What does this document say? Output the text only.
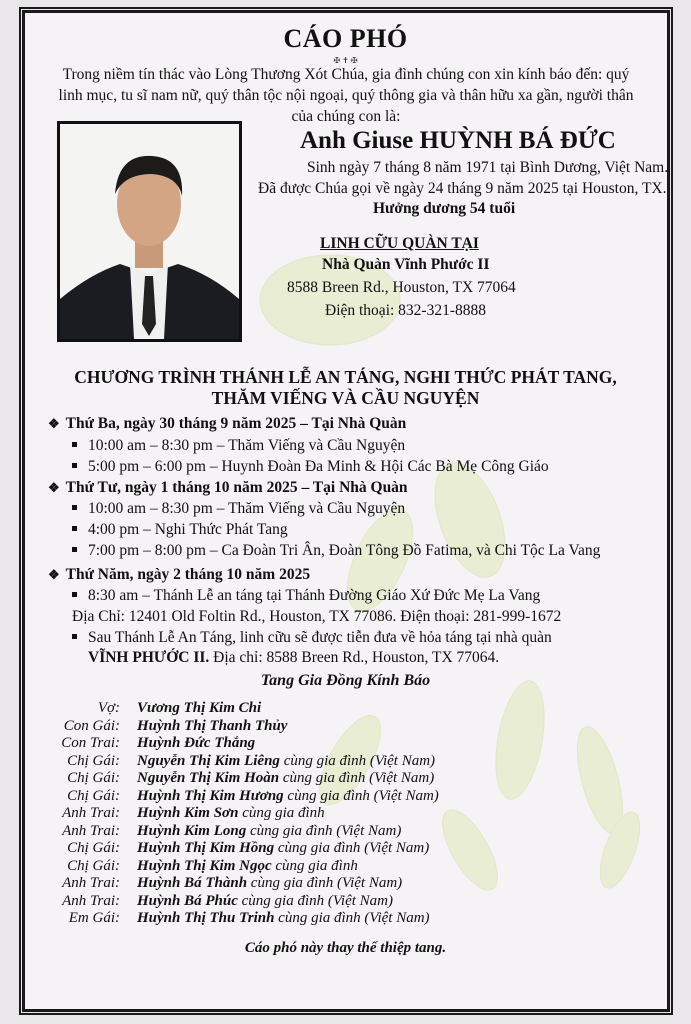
CÁO PHÓ
✠ ✝ ✠
Trong niềm tín thác vào Lòng Thương Xót Chúa, gia đình chúng con xin kính báo đến: quý linh mục, tu sĩ nam nữ, quý thân tộc nội ngoại, quý thông gia và thân hữu xa gần, người thân của chúng con là:
Anh Giuse HUỲNH BÁ ĐỨC
Sinh ngày 7 tháng 8 năm 1971 tại Bình Dương, Việt Nam.
Đã được Chúa gọi về ngày 24 tháng 9 năm 2025 tại Houston, TX.
Hưởng dương 54 tuổi
LINH CỮU QUÀN TẠI
Nhà Quàn Vĩnh Phước II
8588 Breen Rd., Houston, TX 77064
Điện thoại: 832-321-8888
CHƯƠNG TRÌNH THÁNH LỄ AN TÁNG, NGHI THỨC PHÁT TANG,
THĂM VIẾNG VÀ CẦU NGUYỆN
❖ Thứ Ba, ngày 30 tháng 9 năm 2025 – Tại Nhà Quàn
10:00 am – 8:30 pm – Thăm Viếng và Cầu Nguyện
5:00 pm – 6:00 pm – Huynh Đoàn Đa Minh & Hội Các Bà Mẹ Công Giáo
❖ Thứ Tư, ngày 1 tháng 10 năm 2025 – Tại Nhà Quàn
10:00 am – 8:30 pm – Thăm Viếng và Cầu Nguyện
4:00 pm – Nghi Thức Phát Tang
7:00 pm – 8:00 pm – Ca Đoàn Tri Ân, Đoàn Tông Đồ Fatima, và Chi Tộc La Vang
❖ Thứ Năm, ngày 2 tháng 10 năm 2025
8:30 am – Thánh Lễ an táng tại Thánh Đường Giáo Xứ Đức Mẹ La Vang
Địa Chỉ: 12401 Old Foltin Rd., Houston, TX 77086. Điện thoại: 281-999-1672
Sau Thánh Lễ An Táng, linh cữu sẽ được tiễn đưa về hỏa táng tại nhà quàn
VĨNH PHƯỚC II. Địa chỉ: 8588 Breen Rd., Houston, TX 77064.
Tang Gia Đồng Kính Báo
Vợ: Vương Thị Kim Chi
Con Gái: Huỳnh Thị Thanh Thủy
Con Trai: Huỳnh Đức Thắng
Chị Gái: Nguyễn Thị Kim Liêng cùng gia đình (Việt Nam)
Chị Gái: Nguyễn Thị Kim Hoàn cùng gia đình (Việt Nam)
Chị Gái: Huỳnh Thị Kim Hương cùng gia đình (Việt Nam)
Anh Trai: Huỳnh Kim Sơn cùng gia đình
Anh Trai: Huỳnh Kim Long cùng gia đình (Việt Nam)
Chị Gái: Huỳnh Thị Kim Hồng cùng gia đình (Việt Nam)
Chị Gái: Huỳnh Thị Kim Ngọc cùng gia đình
Anh Trai: Huỳnh Bá Thành cùng gia đình (Việt Nam)
Anh Trai: Huỳnh Bá Phúc cùng gia đình (Việt Nam)
Em Gái: Huỳnh Thị Thu Trinh cùng gia đình (Việt Nam)
Cáo phó này thay thế thiệp tang.
